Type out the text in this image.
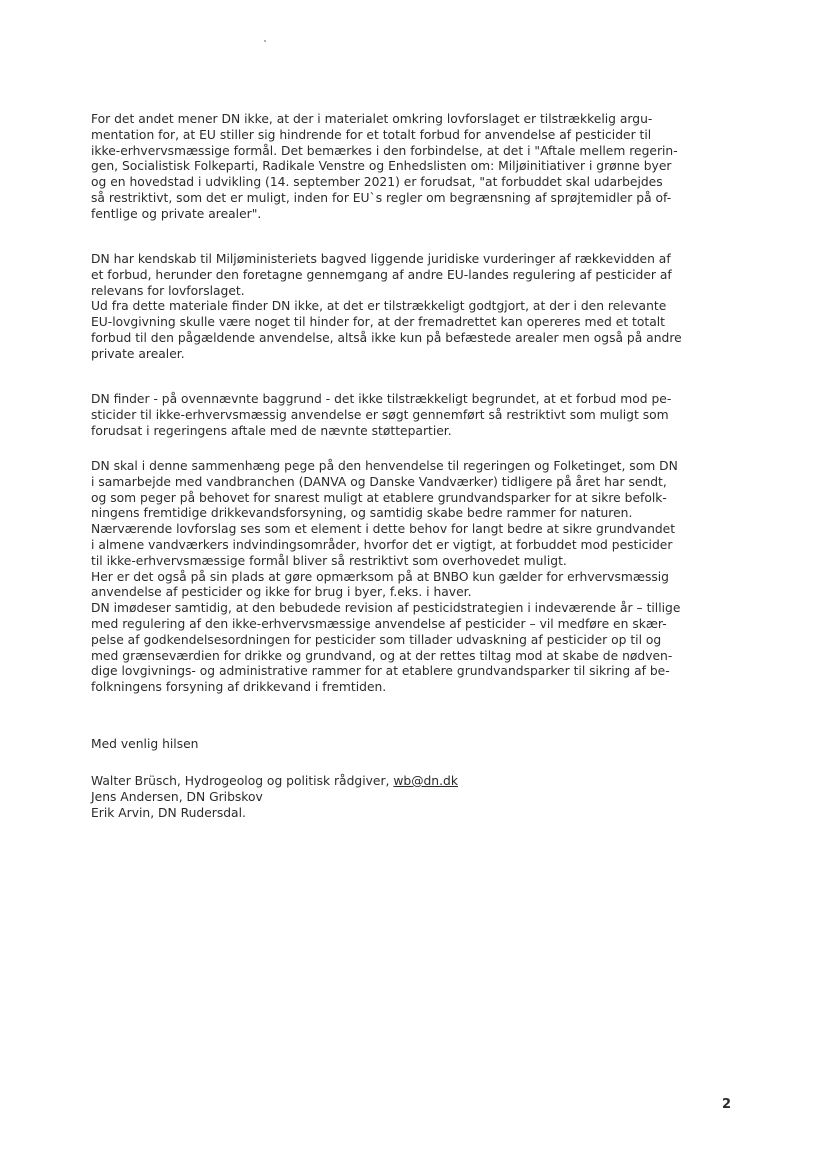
For det andet mener DN ikke, at der i materialet omkring lovforslaget er tilstrækkelig argu-
mentation for, at EU stiller sig hindrende for et totalt forbud for anvendelse af pesticider til
ikke-erhvervsmæssige formål. Det bemærkes i den forbindelse, at det i "Aftale mellem regerin-
gen, Socialistisk Folkeparti, Radikale Venstre og Enhedslisten om: Miljøinitiativer i grønne byer
og en hovedstad i udvikling (14. september 2021) er forudsat, "at forbuddet skal udarbejdes
så restriktivt, som det er muligt, inden for EU`s regler om begrænsning af sprøjtemidler på of-
fentlige og private arealer".
DN har kendskab til Miljøministeriets bagved liggende juridiske vurderinger af rækkevidden af
et forbud, herunder den foretagne gennemgang af andre EU-landes regulering af pesticider af
relevans for lovforslaget.
Ud fra dette materiale finder DN ikke, at det er tilstrækkeligt godtgjort, at der i den relevante
EU-lovgivning skulle være noget til hinder for, at der fremadrettet kan opereres med et totalt
forbud til den pågældende anvendelse, altså ikke kun på befæstede arealer men også på andre
private arealer.
DN finder - på ovennævnte baggrund - det ikke tilstrækkeligt begrundet, at et forbud mod pe-
sticider til ikke-erhvervsmæssig anvendelse er søgt gennemført så restriktivt som muligt som
forudsat i regeringens aftale med de nævnte støttepartier.
DN skal i denne sammenhæng pege på den henvendelse til regeringen og Folketinget, som DN
i samarbejde med vandbranchen (DANVA og Danske Vandværker) tidligere på året har sendt,
og som peger på behovet for snarest muligt at etablere grundvandsparker for at sikre befolk-
ningens fremtidige drikkevandsforsyning, og samtidig skabe bedre rammer for naturen.
Nærværende lovforslag ses som et element i dette behov for langt bedre at sikre grundvandet
i almene vandværkers indvindingsområder, hvorfor det er vigtigt, at forbuddet mod pesticider
til ikke-erhvervsmæssige formål bliver så restriktivt som overhovedet muligt.
Her er det også på sin plads at gøre opmærksom på at BNBO kun gælder for erhvervsmæssig
anvendelse af pesticider og ikke for brug i byer, f.eks. i haver.
DN imødeser samtidig, at den bebudede revision af pesticidstrategien i indeværende år – tillige
med regulering af den ikke-erhvervsmæssige anvendelse af pesticider – vil medføre en skær-
pelse af godkendelsesordningen for pesticider som tillader udvaskning af pesticider op til og
med grænseværdien for drikke og grundvand, og at der rettes tiltag mod at skabe de nødven-
dige lovgivnings- og administrative rammer for at etablere grundvandsparker til sikring af be-
folkningens forsyning af drikkevand i fremtiden.
Med venlig hilsen
Walter Brüsch, Hydrogeolog og politisk rådgiver, wb@dn.dk
Jens Andersen, DN Gribskov
Erik Arvin, DN Rudersdal.
2
